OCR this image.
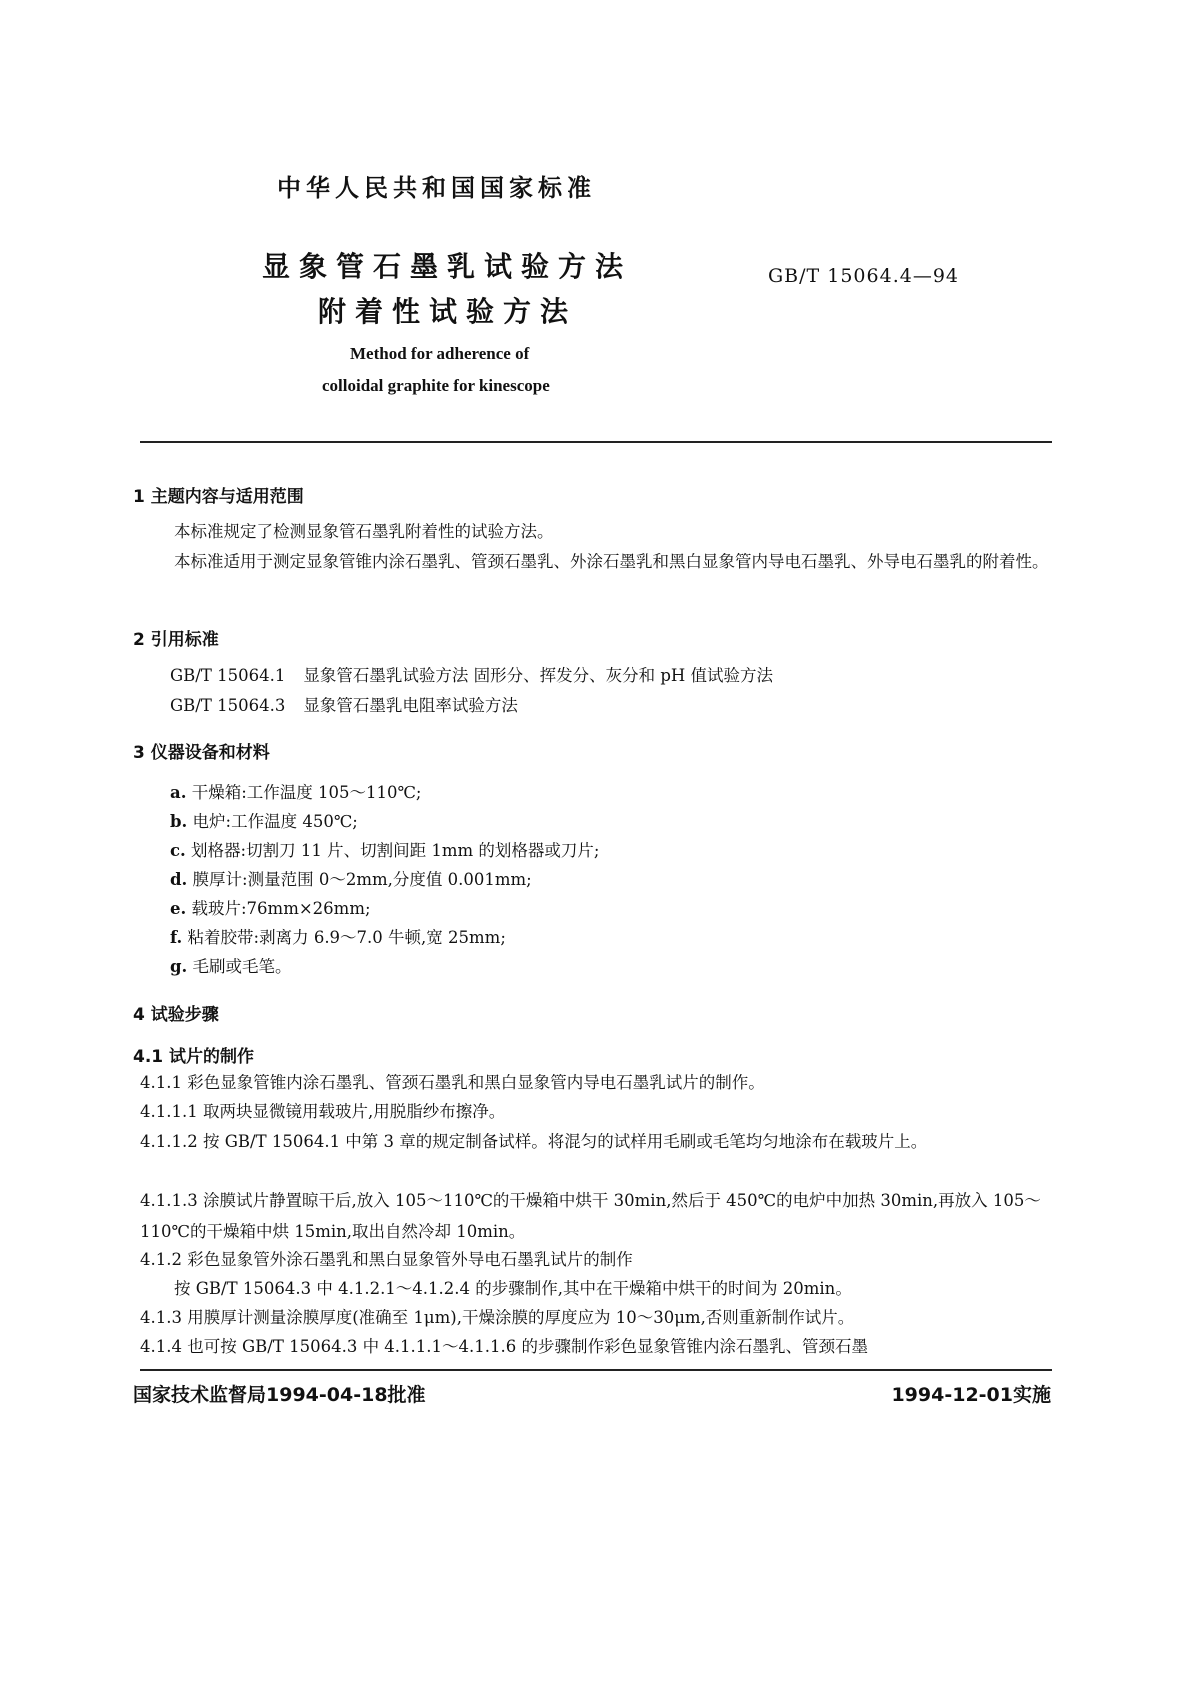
中华人民共和国国家标准
显象管石墨乳试验方法
附着性试验方法
GB/T 15064.4—94
Method for adherence of
colloidal graphite for kinescope
1 主题内容与适用范围
本标准规定了检测显象管石墨乳附着性的试验方法。
本标准适用于测定显象管锥内涂石墨乳、管颈石墨乳、外涂石墨乳和黑白显象管内导电石墨乳、外导电石墨乳的附着性。
2 引用标准
GB/T 15064.1 显象管石墨乳试验方法 固形分、挥发分、灰分和 pH 值试验方法
GB/T 15064.3 显象管石墨乳电阻率试验方法
3 仪器设备和材料
a. 干燥箱:工作温度 105～110℃;
b. 电炉:工作温度 450℃;
c. 划格器:切割刀 11 片、切割间距 1mm 的划格器或刀片;
d. 膜厚计:测量范围 0～2mm,分度值 0.001mm;
e. 载玻片:76mm×26mm;
f. 粘着胶带:剥离力 6.9～7.0 牛顿,宽 25mm;
g. 毛刷或毛笔。
4 试验步骤
4.1 试片的制作
4.1.1 彩色显象管锥内涂石墨乳、管颈石墨乳和黑白显象管内导电石墨乳试片的制作。
4.1.1.1 取两块显微镜用载玻片,用脱脂纱布擦净。
4.1.1.2 按 GB/T 15064.1 中第 3 章的规定制备试样。将混匀的试样用毛刷或毛笔均匀地涂布在载玻片上。
4.1.1.3 涂膜试片静置晾干后,放入 105～110℃的干燥箱中烘干 30min,然后于 450℃的电炉中加热 30min,再放入 105～110℃的干燥箱中烘 15min,取出自然冷却 10min。
4.1.2 彩色显象管外涂石墨乳和黑白显象管外导电石墨乳试片的制作
按 GB/T 15064.3 中 4.1.2.1～4.1.2.4 的步骤制作,其中在干燥箱中烘干的时间为 20min。
4.1.3 用膜厚计测量涂膜厚度(准确至 1μm),干燥涂膜的厚度应为 10～30μm,否则重新制作试片。
4.1.4 也可按 GB/T 15064.3 中 4.1.1.1～4.1.1.6 的步骤制作彩色显象管锥内涂石墨乳、管颈石墨
国家技术监督局1994-04-18批准	1994-12-01实施
